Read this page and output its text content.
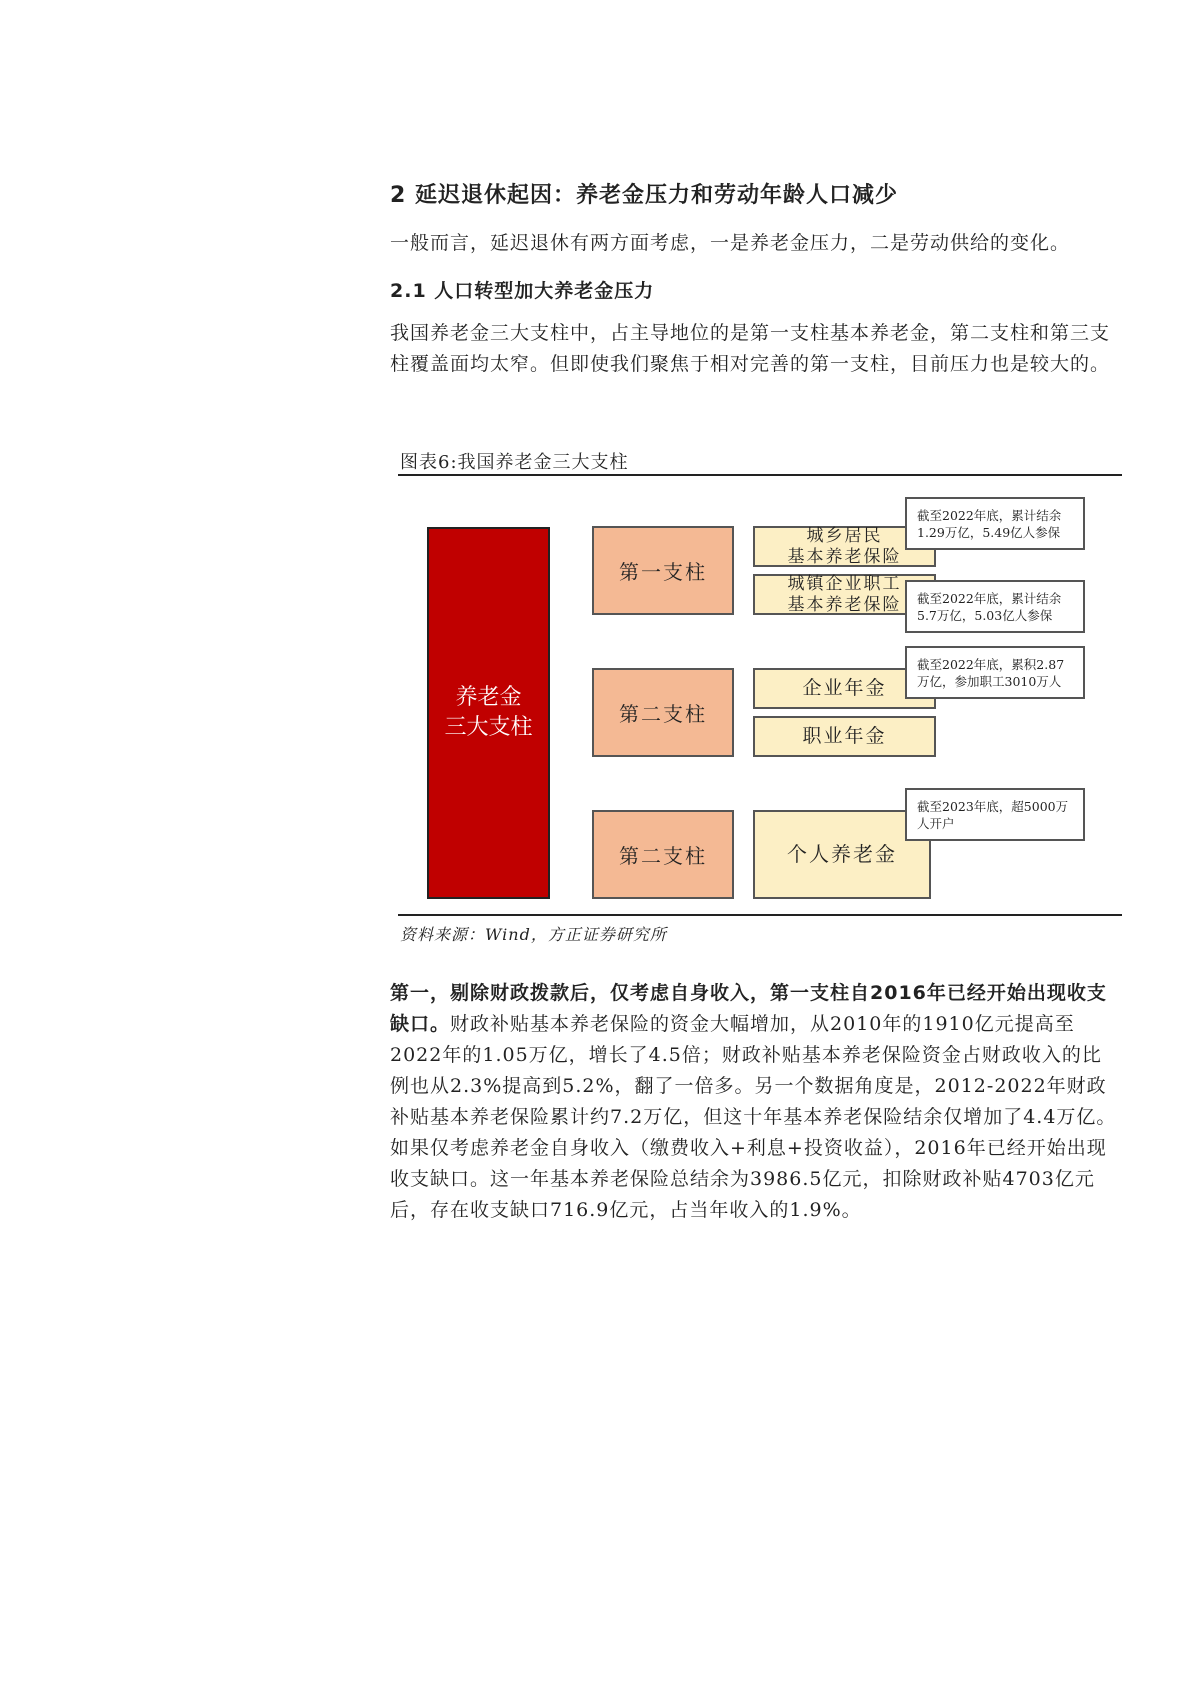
2 延迟退休起因：养老金压力和劳动年龄人口减少
一般而言，延迟退休有两方面考虑，一是养老金压力，二是劳动供给的变化。
2.1 人口转型加大养老金压力
我国养老金三大支柱中，占主导地位的是第一支柱基本养老金，第二支柱和第三支柱覆盖面均太窄。但即使我们聚焦于相对完善的第一支柱，目前压力也是较大的。
图表6:我国养老金三大支柱
养老金
三大支柱
第一支柱
第二支柱
第二支柱
城乡居民
基本养老保险
城镇企业职工
基本养老保险
企业年金
职业年金
个人养老金
截至2022年底，累计结余
1.29万亿，5.49亿人参保
截至2022年底，累计结余
5.7万亿，5.03亿人参保
截至2022年底，累积2.87
万亿，参加职工3010万人
截至2023年底，超5000万
人开户
资料来源：Wind，方正证券研究所
第一，剔除财政拨款后，仅考虑自身收入，第一支柱自2016年已经开始出现收支缺口。财政补贴基本养老保险的资金大幅增加，从2010年的1910亿元提高至2022年的1.05万亿，增长了4.5倍；财政补贴基本养老保险资金占财政收入的比例也从2.3%提高到5.2%，翻了一倍多。另一个数据角度是，2012-2022年财政补贴基本养老保险累计约7.2万亿，但这十年基本养老保险结余仅增加了4.4万亿。如果仅考虑养老金自身收入（缴费收入+利息+投资收益），2016年已经开始出现收支缺口。这一年基本养老保险总结余为3986.5亿元，扣除财政补贴4703亿元后，存在收支缺口716.9亿元，占当年收入的1.9%。
